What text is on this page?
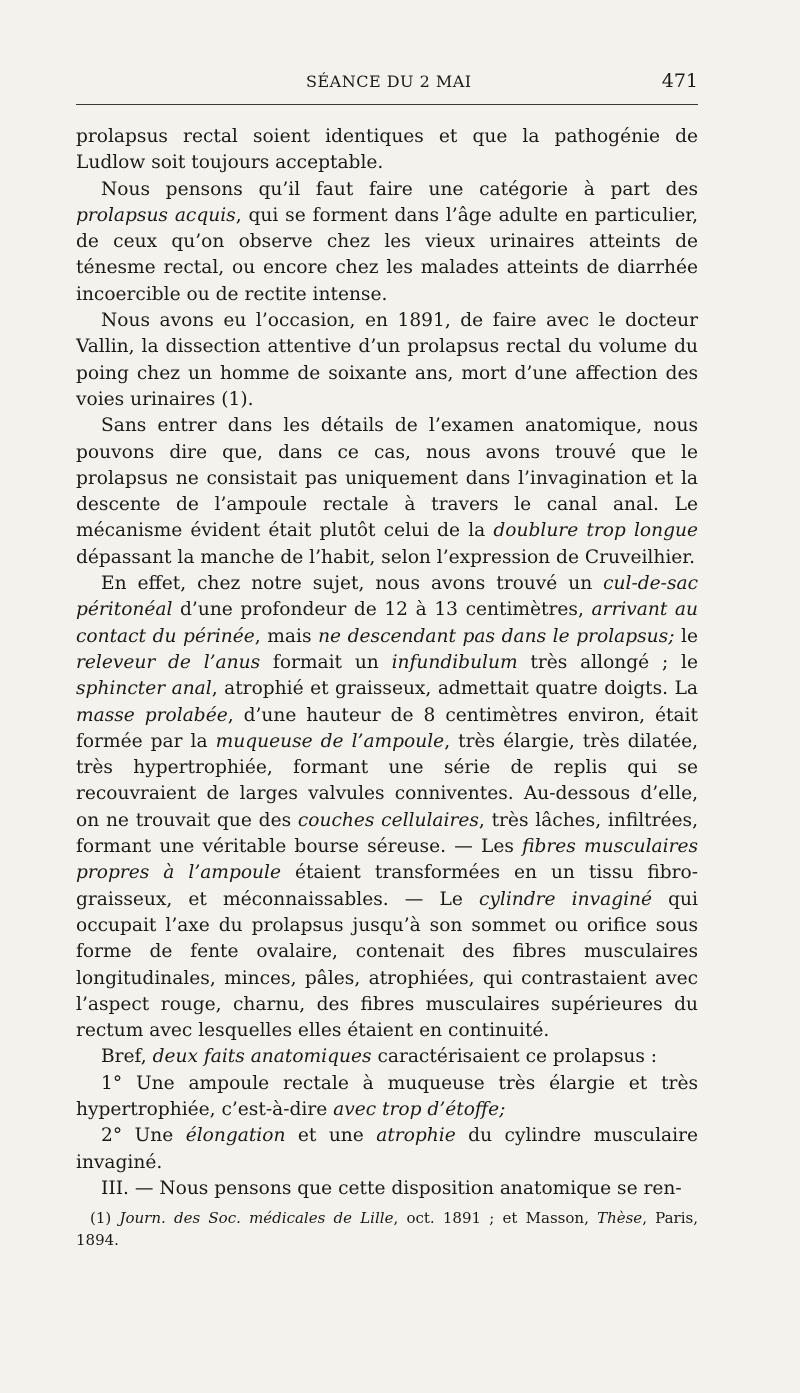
SÉANCE DU 2 MAI	471

prolapsus rectal soient identiques et que la pathogénie de Ludlow soit toujours acceptable.

Nous pensons qu’il faut faire une catégorie à part des prolapsus acquis, qui se forment dans l’âge adulte en particulier, de ceux qu’on observe chez les vieux urinaires atteints de ténesme rectal, ou encore chez les malades atteints de diarrhée incoercible ou de rectite intense.

Nous avons eu l’occasion, en 1891, de faire avec le docteur Vallin, la dissection attentive d’un prolapsus rectal du volume du poing chez un homme de soixante ans, mort d’une affection des voies urinaires (1).

Sans entrer dans les détails de l’examen anatomique, nous pouvons dire que, dans ce cas, nous avons trouvé que le prolapsus ne consistait pas uniquement dans l’invagination et la descente de l’ampoule rectale à travers le canal anal. Le mécanisme évident était plutôt celui de la doublure trop longue dépassant la manche de l’habit, selon l’expression de Cruveilhier.

En effet, chez notre sujet, nous avons trouvé un cul-de-sac péritonéal d’une profondeur de 12 à 13 centimètres, arrivant au contact du périnée, mais ne descendant pas dans le prolapsus; le releveur de l’anus formait un infundibulum très allongé ; le sphincter anal, atrophié et graisseux, admettait quatre doigts. La masse prolabée, d’une hauteur de 8 centimètres environ, était formée par la muqueuse de l’ampoule, très élargie, très dilatée, très hypertrophiée, formant une série de replis qui se recouvraient de larges valvules conniventes. Au-dessous d’elle, on ne trouvait que des couches cellulaires, très lâches, infiltrées, formant une véritable bourse séreuse. — Les fibres musculaires propres à l’ampoule étaient transformées en un tissu fibro-graisseux, et méconnaissables. — Le cylindre invaginé qui occupait l’axe du prolapsus jusqu’à son sommet ou orifice sous forme de fente ovalaire, contenait des fibres musculaires longitudinales, minces, pâles, atrophiées, qui contrastaient avec l’aspect rouge, charnu, des fibres musculaires supérieures du rectum avec lesquelles elles étaient en continuité.

Bref, deux faits anatomiques caractérisaient ce prolapsus :

1° Une ampoule rectale à muqueuse très élargie et très hypertrophiée, c’est-à-dire avec trop d’étoffe;

2° Une élongation et une atrophie du cylindre musculaire invaginé.

III. — Nous pensons que cette disposition anatomique se ren-

(1) Journ. des Soc. médicales de Lille, oct. 1891 ; et Masson, Thèse, Paris, 1894.
